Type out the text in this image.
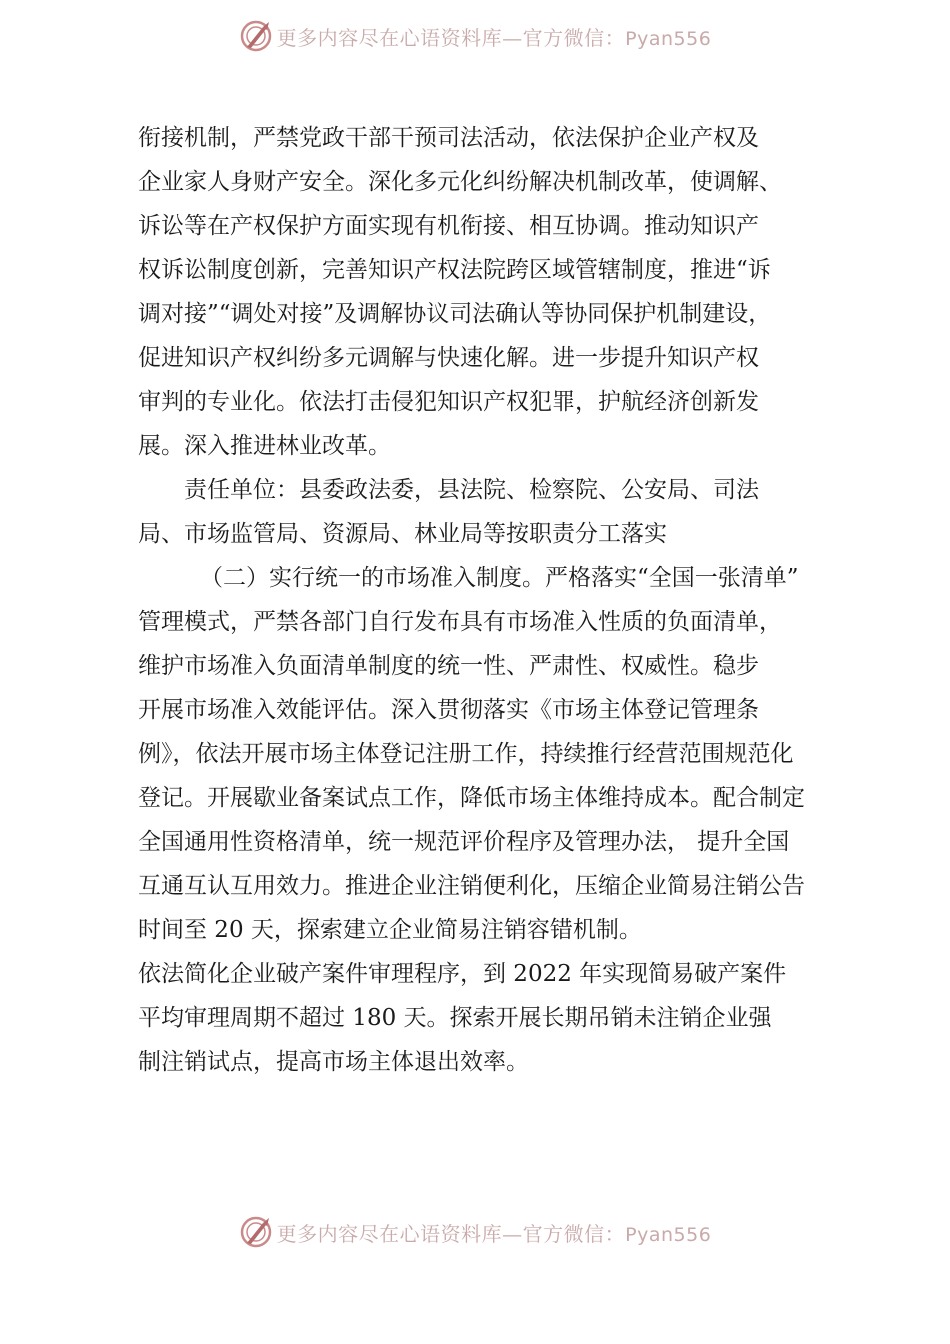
更多内容尽在心语资料库—官方微信：Pyan556
衔接机制，严禁党政干部干预司法活动，依法保护企业产权及
企业家人身财产安全。深化多元化纠纷解决机制改革，使调解、
诉讼等在产权保护方面实现有机衔接、相互协调。推动知识产
权诉讼制度创新，完善知识产权法院跨区域管辖制度，推进“诉
调对接”“调处对接”及调解协议司法确认等协同保护机制建设，
促进知识产权纠纷多元调解与快速化解。进一步提升知识产权
审判的专业化。依法打击侵犯知识产权犯罪，护航经济创新发
展。深入推进林业改革。
责任单位：县委政法委，县法院、检察院、公安局、司法
局、市场监管局、资源局、林业局等按职责分工落实
（二）实行统一的市场准入制度。严格落实“全国一张清单”
管理模式，严禁各部门自行发布具有市场准入性质的负面清单，
维护市场准入负面清单制度的统一性、严肃性、权威性。稳步
开展市场准入效能评估。深入贯彻落实《市场主体登记管理条
例》，依法开展市场主体登记注册工作，持续推行经营范围规范化
登记。开展歇业备案试点工作，降低市场主体维持成本。配合制定
全国通用性资格清单，统一规范评价程序及管理办法， 提升全国
互通互认互用效力。推进企业注销便利化，压缩企业简易注销公告
时间至 20 天，探索建立企业简易注销容错机制。
依法简化企业破产案件审理程序，到 2022 年实现简易破产案件
平均审理周期不超过 180 天。探索开展长期吊销未注销企业强
制注销试点，提高市场主体退出效率。
更多内容尽在心语资料库—官方微信：Pyan556
